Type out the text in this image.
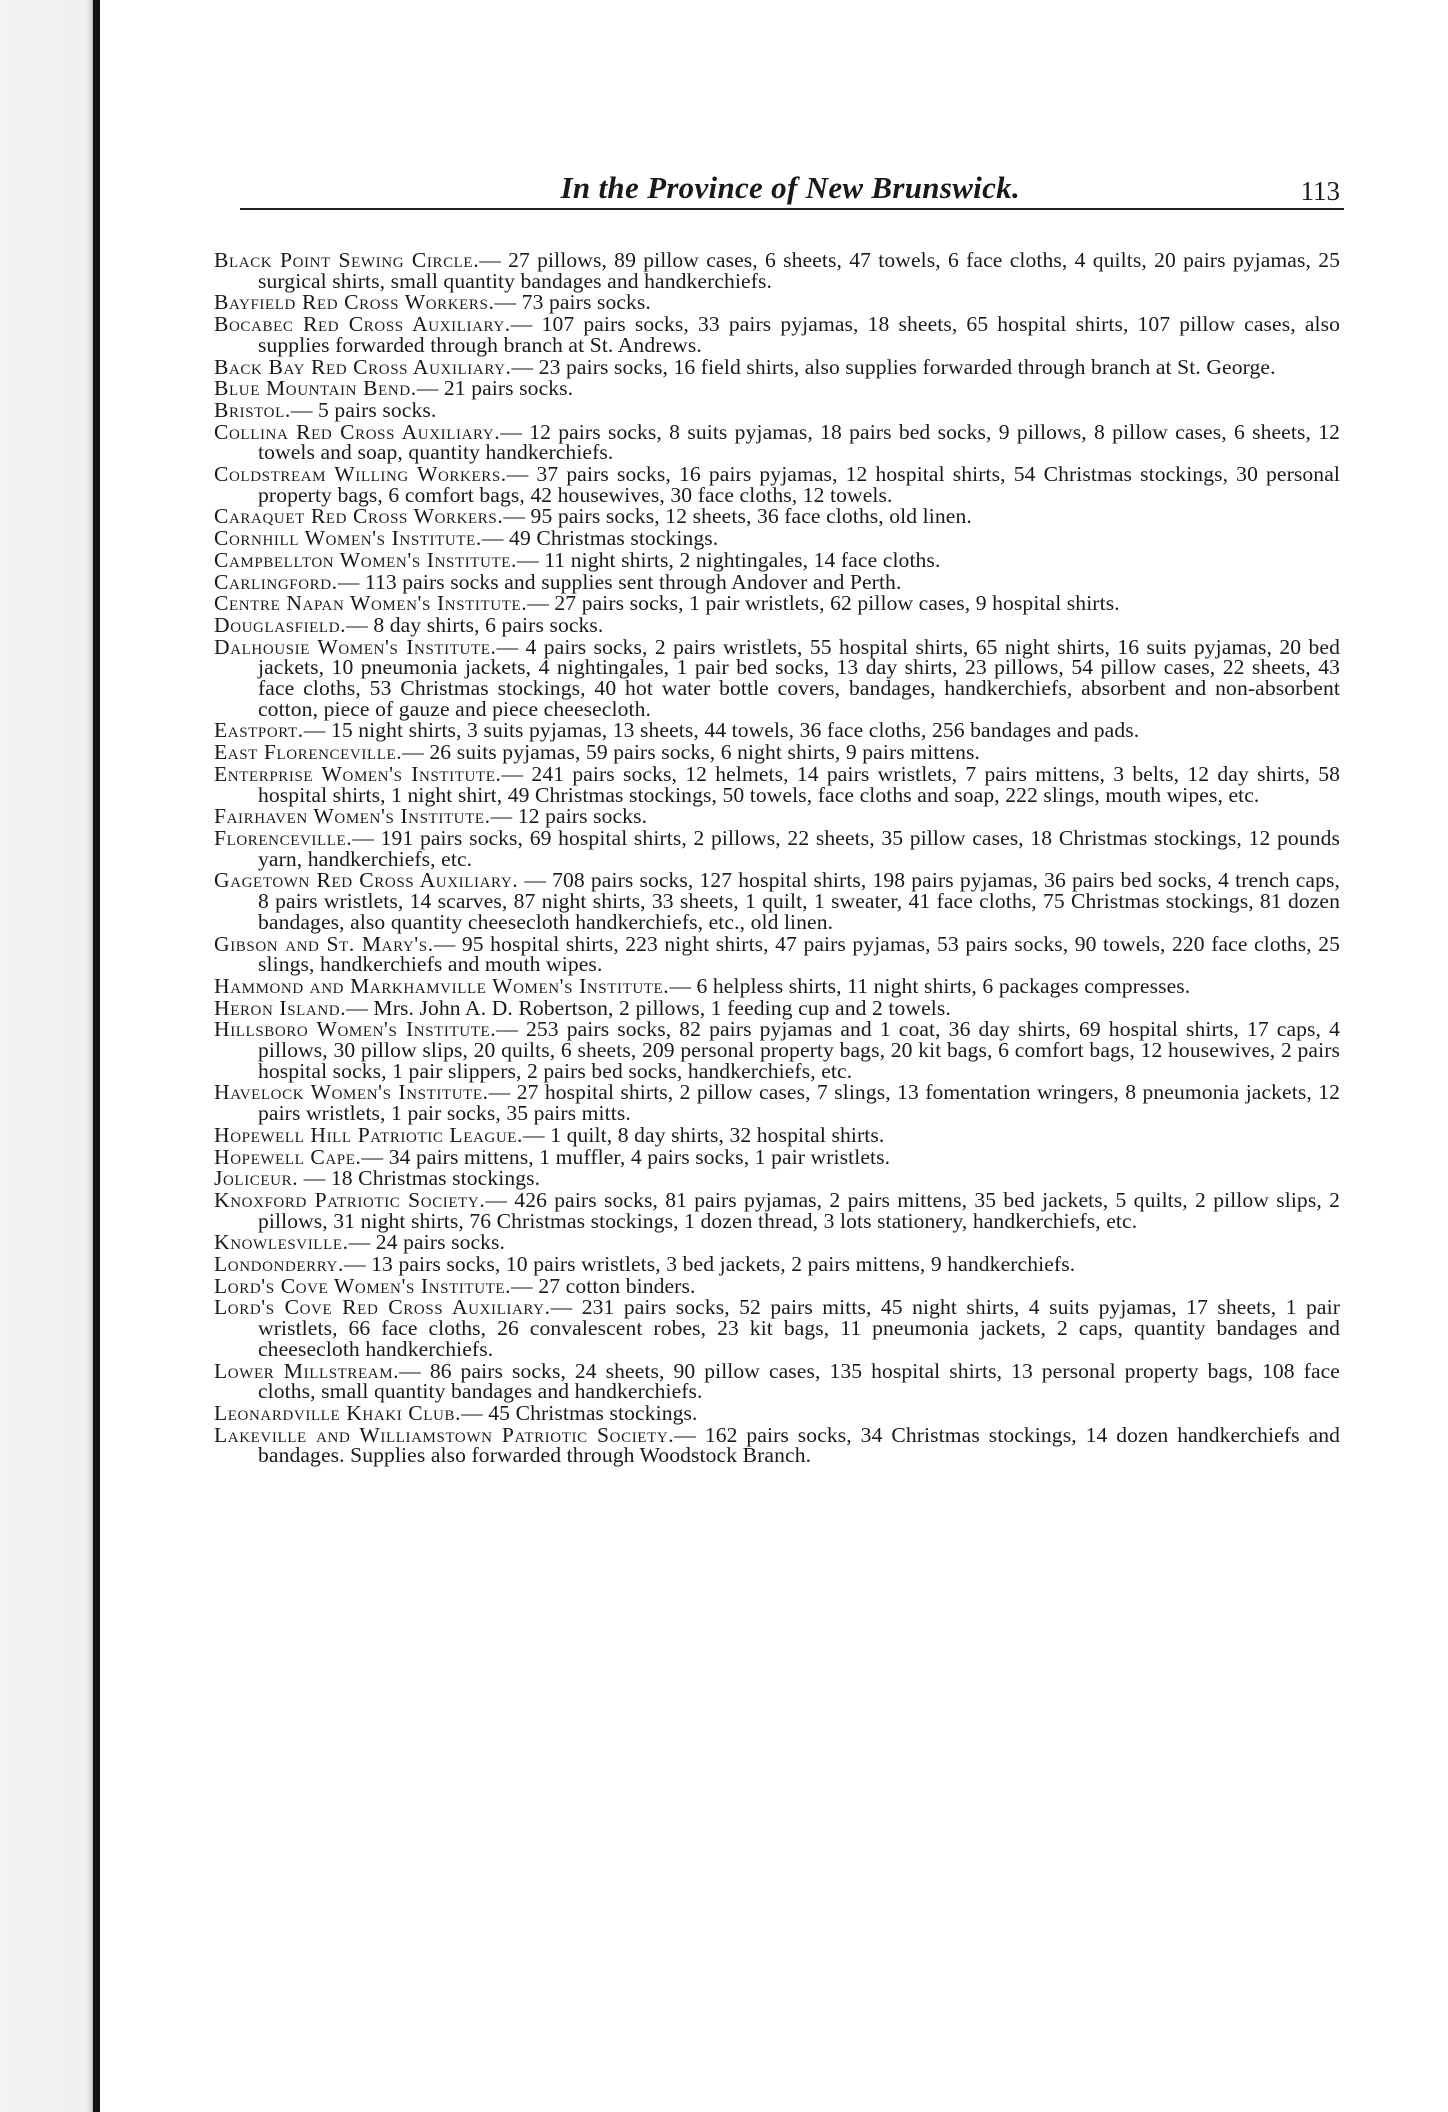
In the Province of New Brunswick.	113

Black Point Sewing Circle.— 27 pillows, 89 pillow cases, 6 sheets, 47 towels, 6 face cloths, 4 quilts, 20 pairs pyjamas, 25 surgical shirts, small quantity bandages and handkerchiefs.

Bayfield Red Cross Workers.— 73 pairs socks.

Bocabec Red Cross Auxiliary.— 107 pairs socks, 33 pairs pyjamas, 18 sheets, 65 hospital shirts, 107 pillow cases, also supplies forwarded through branch at St. Andrews.

Back Bay Red Cross Auxiliary.— 23 pairs socks, 16 field shirts, also supplies forwarded through branch at St. George.

Blue Mountain Bend.— 21 pairs socks.

Bristol.— 5 pairs socks.

Collina Red Cross Auxiliary.— 12 pairs socks, 8 suits pyjamas, 18 pairs bed socks, 9 pillows, 8 pillow cases, 6 sheets, 12 towels and soap, quantity handkerchiefs.

Coldstream Willing Workers.— 37 pairs socks, 16 pairs pyjamas, 12 hospital shirts, 54 Christmas stockings, 30 personal property bags, 6 comfort bags, 42 housewives, 30 face cloths, 12 towels.

Caraquet Red Cross Workers.— 95 pairs socks, 12 sheets, 36 face cloths, old linen.

Cornhill Women's Institute.— 49 Christmas stockings.

Campbellton Women's Institute.— 11 night shirts, 2 nightingales, 14 face cloths.

Carlingford.— 113 pairs socks and supplies sent through Andover and Perth.

Centre Napan Women's Institute.— 27 pairs socks, 1 pair wristlets, 62 pillow cases, 9 hospital shirts.

Douglasfield.— 8 day shirts, 6 pairs socks.

Dalhousie Women's Institute.— 4 pairs socks, 2 pairs wristlets, 55 hospital shirts, 65 night shirts, 16 suits pyjamas, 20 bed jackets, 10 pneumonia jackets, 4 nightingales, 1 pair bed socks, 13 day shirts, 23 pillows, 54 pillow cases, 22 sheets, 43 face cloths, 53 Christmas stockings, 40 hot water bottle covers, bandages, handkerchiefs, absorbent and non-absorbent cotton, piece of gauze and piece cheesecloth.

Eastport.— 15 night shirts, 3 suits pyjamas, 13 sheets, 44 towels, 36 face cloths, 256 bandages and pads.

East Florenceville.— 26 suits pyjamas, 59 pairs socks, 6 night shirts, 9 pairs mittens.

Enterprise Women's Institute.— 241 pairs socks, 12 helmets, 14 pairs wristlets, 7 pairs mittens, 3 belts, 12 day shirts, 58 hospital shirts, 1 night shirt, 49 Christmas stockings, 50 towels, face cloths and soap, 222 slings, mouth wipes, etc.

Fairhaven Women's Institute.— 12 pairs socks.

Florenceville.— 191 pairs socks, 69 hospital shirts, 2 pillows, 22 sheets, 35 pillow cases, 18 Christmas stockings, 12 pounds yarn, handkerchiefs, etc.

Gagetown Red Cross Auxiliary. — 708 pairs socks, 127 hospital shirts, 198 pairs pyjamas, 36 pairs bed socks, 4 trench caps, 8 pairs wristlets, 14 scarves, 87 night shirts, 33 sheets, 1 quilt, 1 sweater, 41 face cloths, 75 Christmas stockings, 81 dozen bandages, also quantity cheesecloth handkerchiefs, etc., old linen.

Gibson and St. Mary's.— 95 hospital shirts, 223 night shirts, 47 pairs pyjamas, 53 pairs socks, 90 towels, 220 face cloths, 25 slings, handkerchiefs and mouth wipes.

Hammond and Markhamville Women's Institute.— 6 helpless shirts, 11 night shirts, 6 packages compresses.

Heron Island.— Mrs. John A. D. Robertson, 2 pillows, 1 feeding cup and 2 towels.

Hillsboro Women's Institute.— 253 pairs socks, 82 pairs pyjamas and 1 coat, 36 day shirts, 69 hospital shirts, 17 caps, 4 pillows, 30 pillow slips, 20 quilts, 6 sheets, 209 personal property bags, 20 kit bags, 6 comfort bags, 12 housewives, 2 pairs hospital socks, 1 pair slippers, 2 pairs bed socks, handkerchiefs, etc.

Havelock Women's Institute.— 27 hospital shirts, 2 pillow cases, 7 slings, 13 fomentation wringers, 8 pneumonia jackets, 12 pairs wristlets, 1 pair socks, 35 pairs mitts.

Hopewell Hill Patriotic League.— 1 quilt, 8 day shirts, 32 hospital shirts.

Hopewell Cape.— 34 pairs mittens, 1 muffler, 4 pairs socks, 1 pair wristlets.

Joliceur. — 18 Christmas stockings.

Knoxford Patriotic Society.— 426 pairs socks, 81 pairs pyjamas, 2 pairs mittens, 35 bed jackets, 5 quilts, 2 pillow slips, 2 pillows, 31 night shirts, 76 Christmas stockings, 1 dozen thread, 3 lots stationery, handkerchiefs, etc.

Knowlesville.— 24 pairs socks.

Londonderry.— 13 pairs socks, 10 pairs wristlets, 3 bed jackets, 2 pairs mittens, 9 handkerchiefs.

Lord's Cove Women's Institute.— 27 cotton binders.

Lord's Cove Red Cross Auxiliary.— 231 pairs socks, 52 pairs mitts, 45 night shirts, 4 suits pyjamas, 17 sheets, 1 pair wristlets, 66 face cloths, 26 convalescent robes, 23 kit bags, 11 pneumonia jackets, 2 caps, quantity bandages and cheesecloth handkerchiefs.

Lower Millstream.— 86 pairs socks, 24 sheets, 90 pillow cases, 135 hospital shirts, 13 personal property bags, 108 face cloths, small quantity bandages and handkerchiefs.

Leonardville Khaki Club.— 45 Christmas stockings.

Lakeville and Williamstown Patriotic Society.— 162 pairs socks, 34 Christmas stockings, 14 dozen handkerchiefs and bandages. Supplies also forwarded through Woodstock Branch.
